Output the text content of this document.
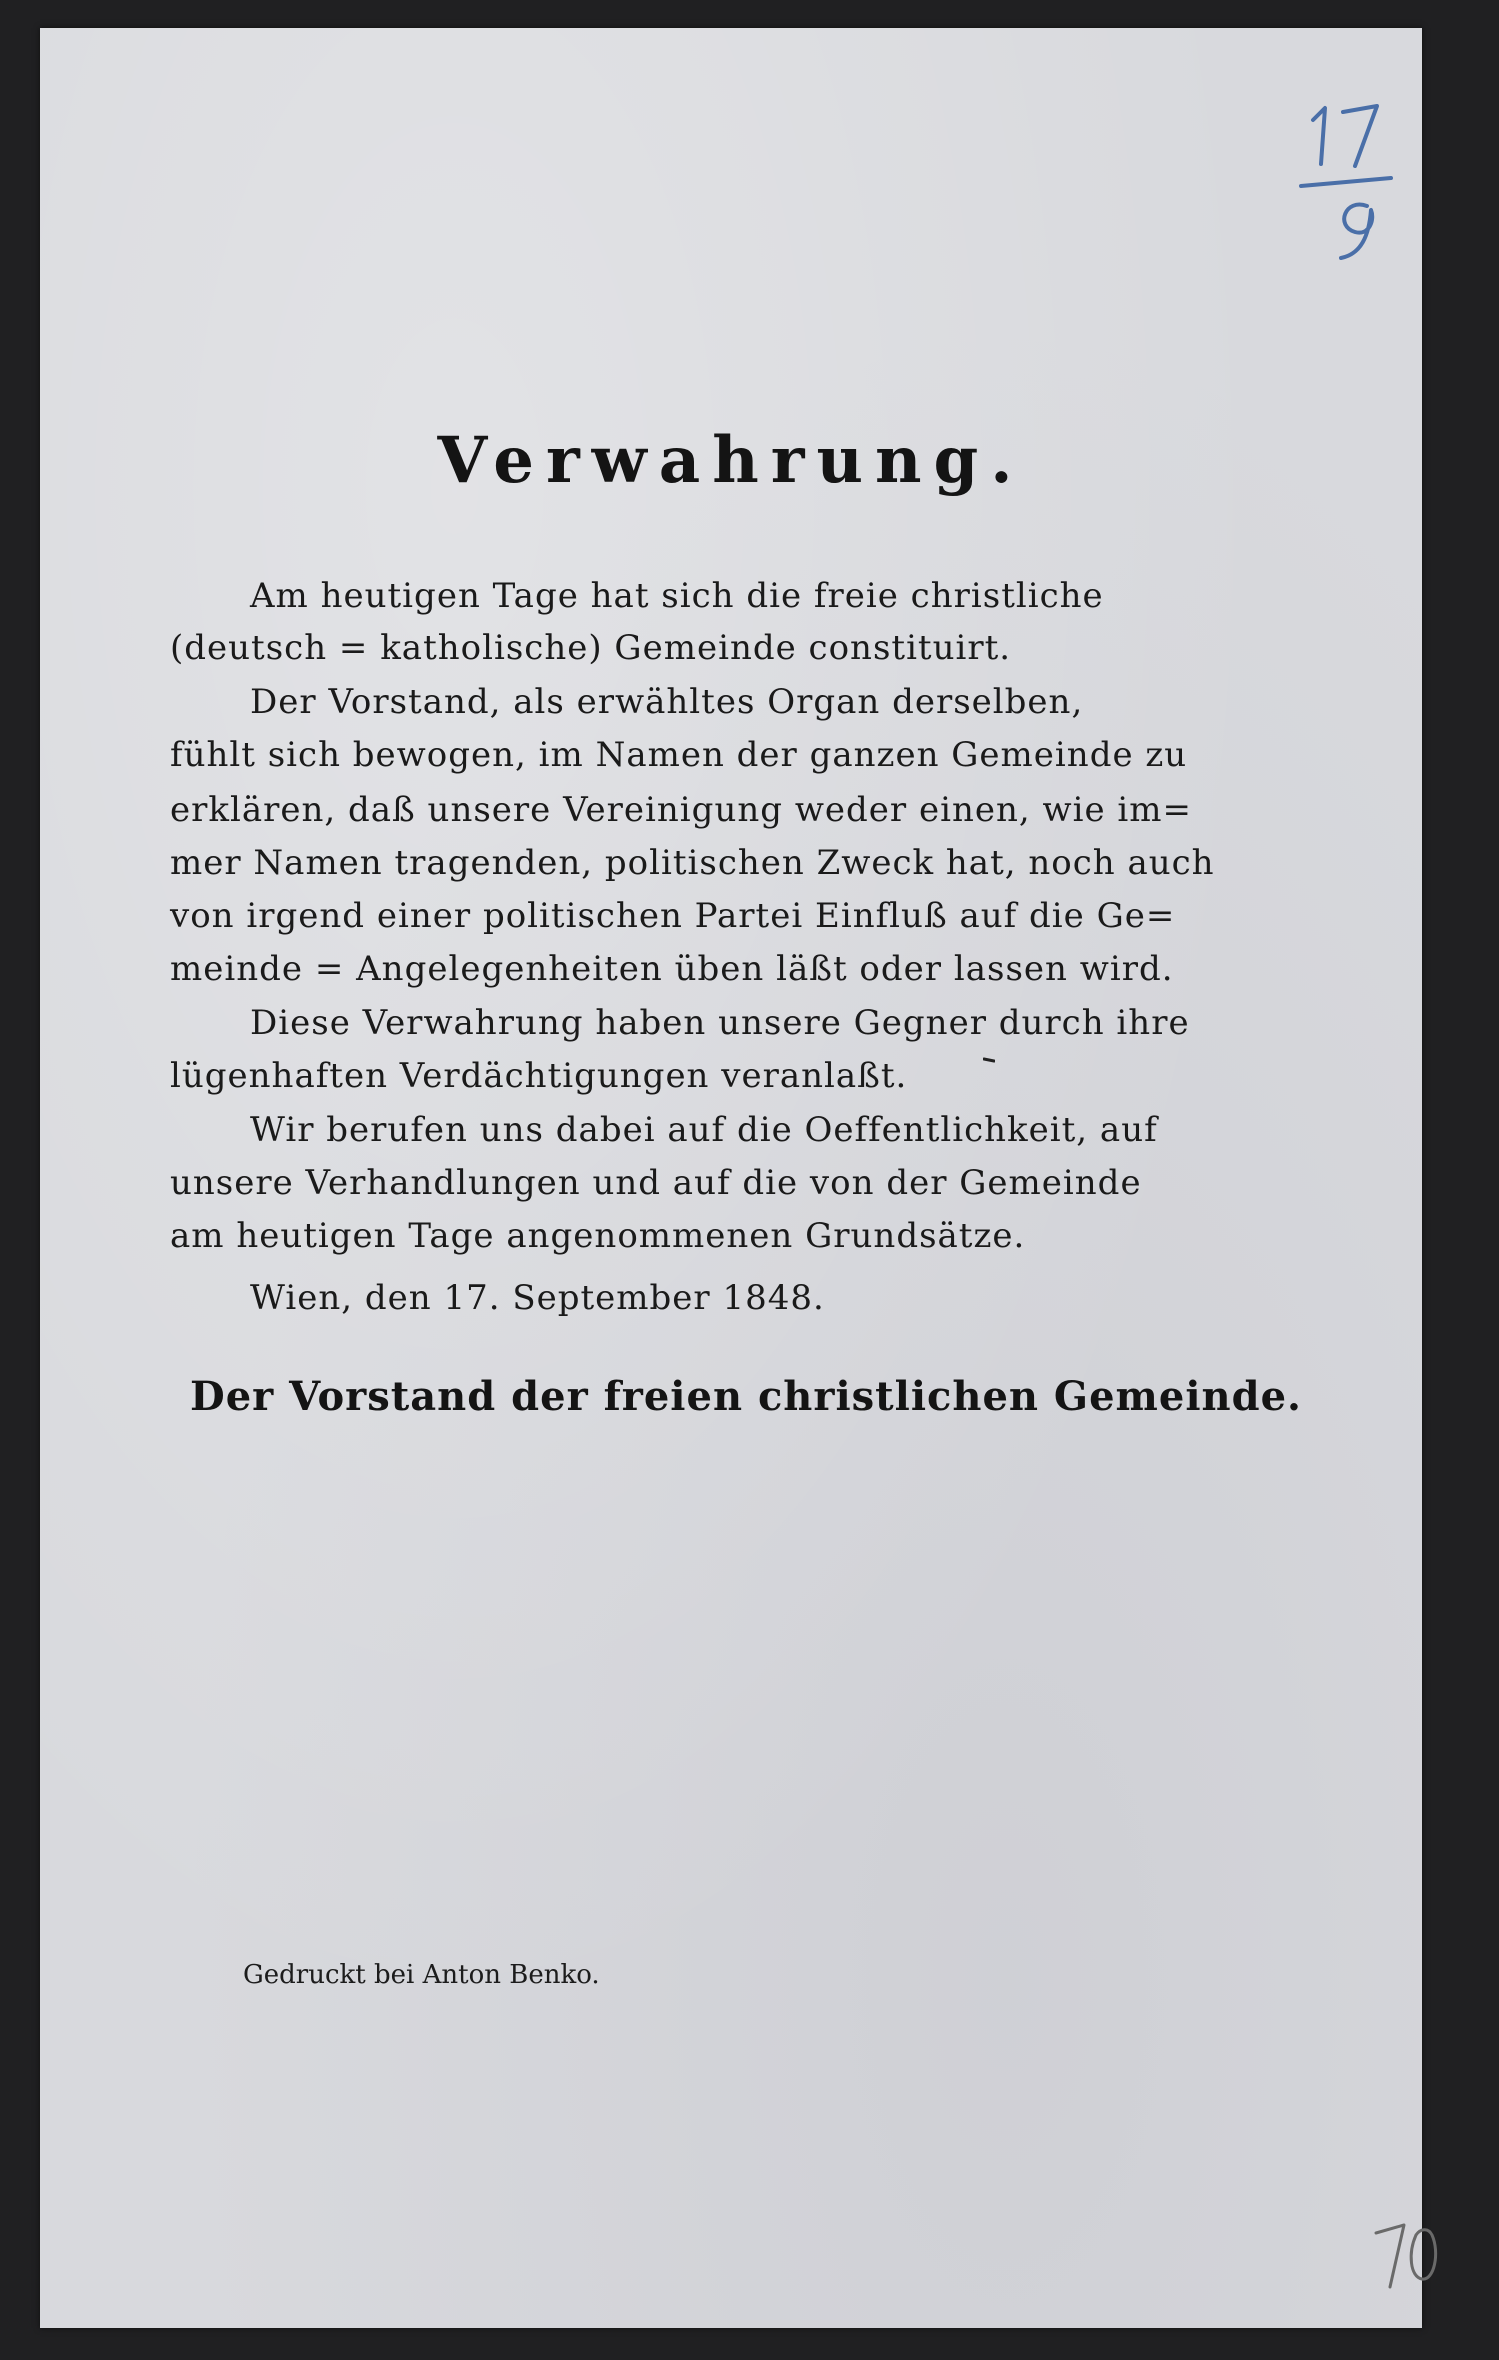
Verwahrung.

Am heutigen Tage hat sich die freie christliche

(deutsch = katholische) Gemeinde constituirt.

Der Vorstand, als erwähltes Organ derselben,

fühlt sich bewogen, im Namen der ganzen Gemeinde zu

erklären, daß unsere Vereinigung weder einen, wie im=

mer Namen tragenden, politischen Zweck hat, noch auch

von irgend einer politischen Partei Einfluß auf die Ge=

meinde = Angelegenheiten üben läßt oder lassen wird.

Diese Verwahrung haben unsere Gegner durch ihre

lügenhaften Verdächtigungen veranlaßt.

Wir berufen uns dabei auf die Oeffentlichkeit, auf

unsere Verhandlungen und auf die von der Gemeinde

am heutigen Tage angenommenen Grundsätze.

Wien, den 17. September 1848.

Der Vorstand der freien christlichen Gemeinde.

Gedruckt bei Anton Benko.
